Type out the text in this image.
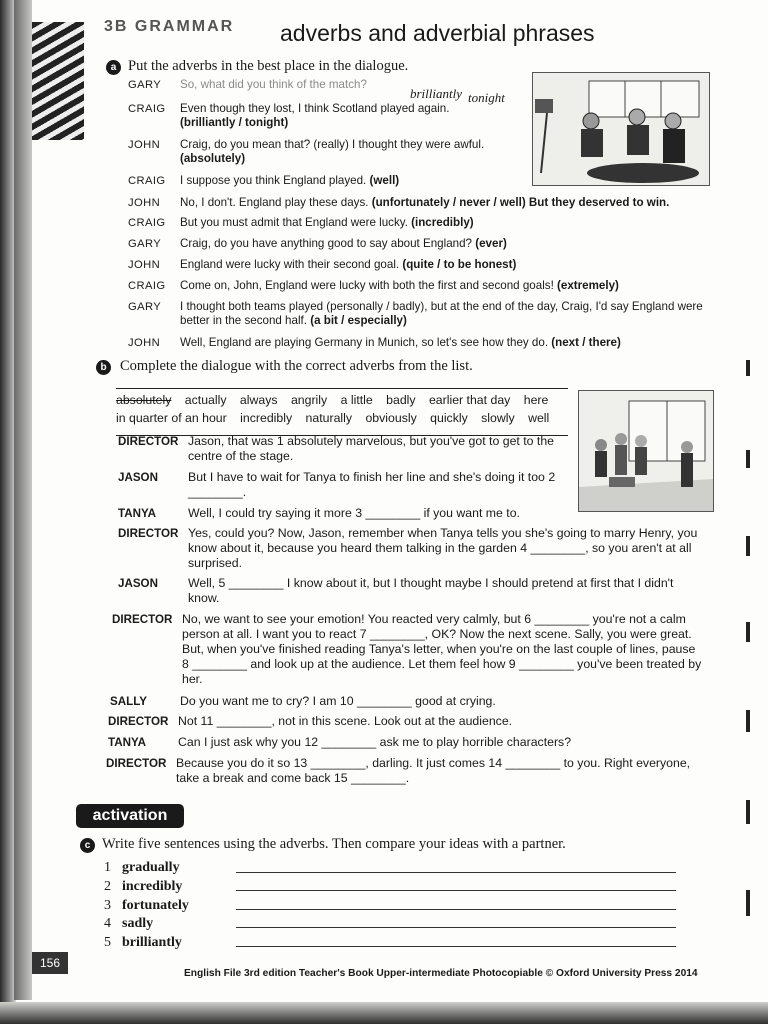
3B GRAMMAR adverbs and adverbial phrases
a Put the adverbs in the best place in the dialogue.
brilliantly tonight
GARY	So, what did you think of the match?
CRAIG	Even though they lost, I think Scotland played again.
(brilliantly / tonight)
JOHN	Craig, do you mean that? (really) I thought they were awful.
(absolutely)
CRAIG	I suppose you think England played. (well)
JOHN	No, I don't. England play these days. (unfortunately / never / well) But they deserved to win.
CRAIG	But you must admit that England were lucky. (incredibly)
GARY	Craig, do you have anything good to say about England? (ever)
JOHN	England were lucky with their second goal. (quite / to be honest)
CRAIG	Come on, John, England were lucky with both the first and second goals! (extremely)
GARY	I thought both teams played (personally / badly), but at the end of the day, Craig, I'd say England were better in the second half. (a bit / especially)
JOHN	Well, England are playing Germany in Munich, so let's see how they do. (next / there)
b Complete the dialogue with the correct adverbs from the list.
absolutely actually always angrily a little badly earlier that day here
in quarter of an hour incredibly naturally obviously quickly slowly well
DIRECTOR Jason, that was 1 absolutely marvelous, but you've got to get to the centre of the stage.
JASON But I have to wait for Tanya to finish her line and she's doing it too 2 ________.
TANYA	Well, I could try saying it more 3 ________ if you want me to.
DIRECTOR Yes, could you? Now, Jason, remember when Tanya tells you she's going to marry Henry, you know about it, because you heard them talking in the garden 4 ________, so you aren't at all surprised.
JASON Well, 5 ________ I know about it, but I thought maybe I should pretend at first that I didn't know.
DIRECTOR No, we want to see your emotion! You reacted very calmly, but 6 ________ you're not a calm person at all. I want you to react 7 ________, OK? Now the next scene. Sally, you were great. But, when you've finished reading Tanya's letter, when you're on the last couple of lines, pause 8 ________ and look up at the audience. Let them feel how 9 ________ you've been treated by her.
SALLY	Do you want me to cry? I am 10 ________ good at crying.
DIRECTOR Not 11 ________, not in this scene. Look out at the audience.
TANYA	Can I just ask why you 12 ________ ask me to play horrible characters?
DIRECTOR Because you do it so 13 ________, darling. It just comes 14 ________ to you. Right everyone, take a break and come back 15 ________.
activation
c Write five sentences using the adverbs. Then compare your ideas with a partner.
1 gradually
2 incredibly
3 fortunately
4 sadly
5 brilliantly
156
English File 3rd edition Teacher's Book Upper-intermediate Photocopiable © Oxford University Press 2014
